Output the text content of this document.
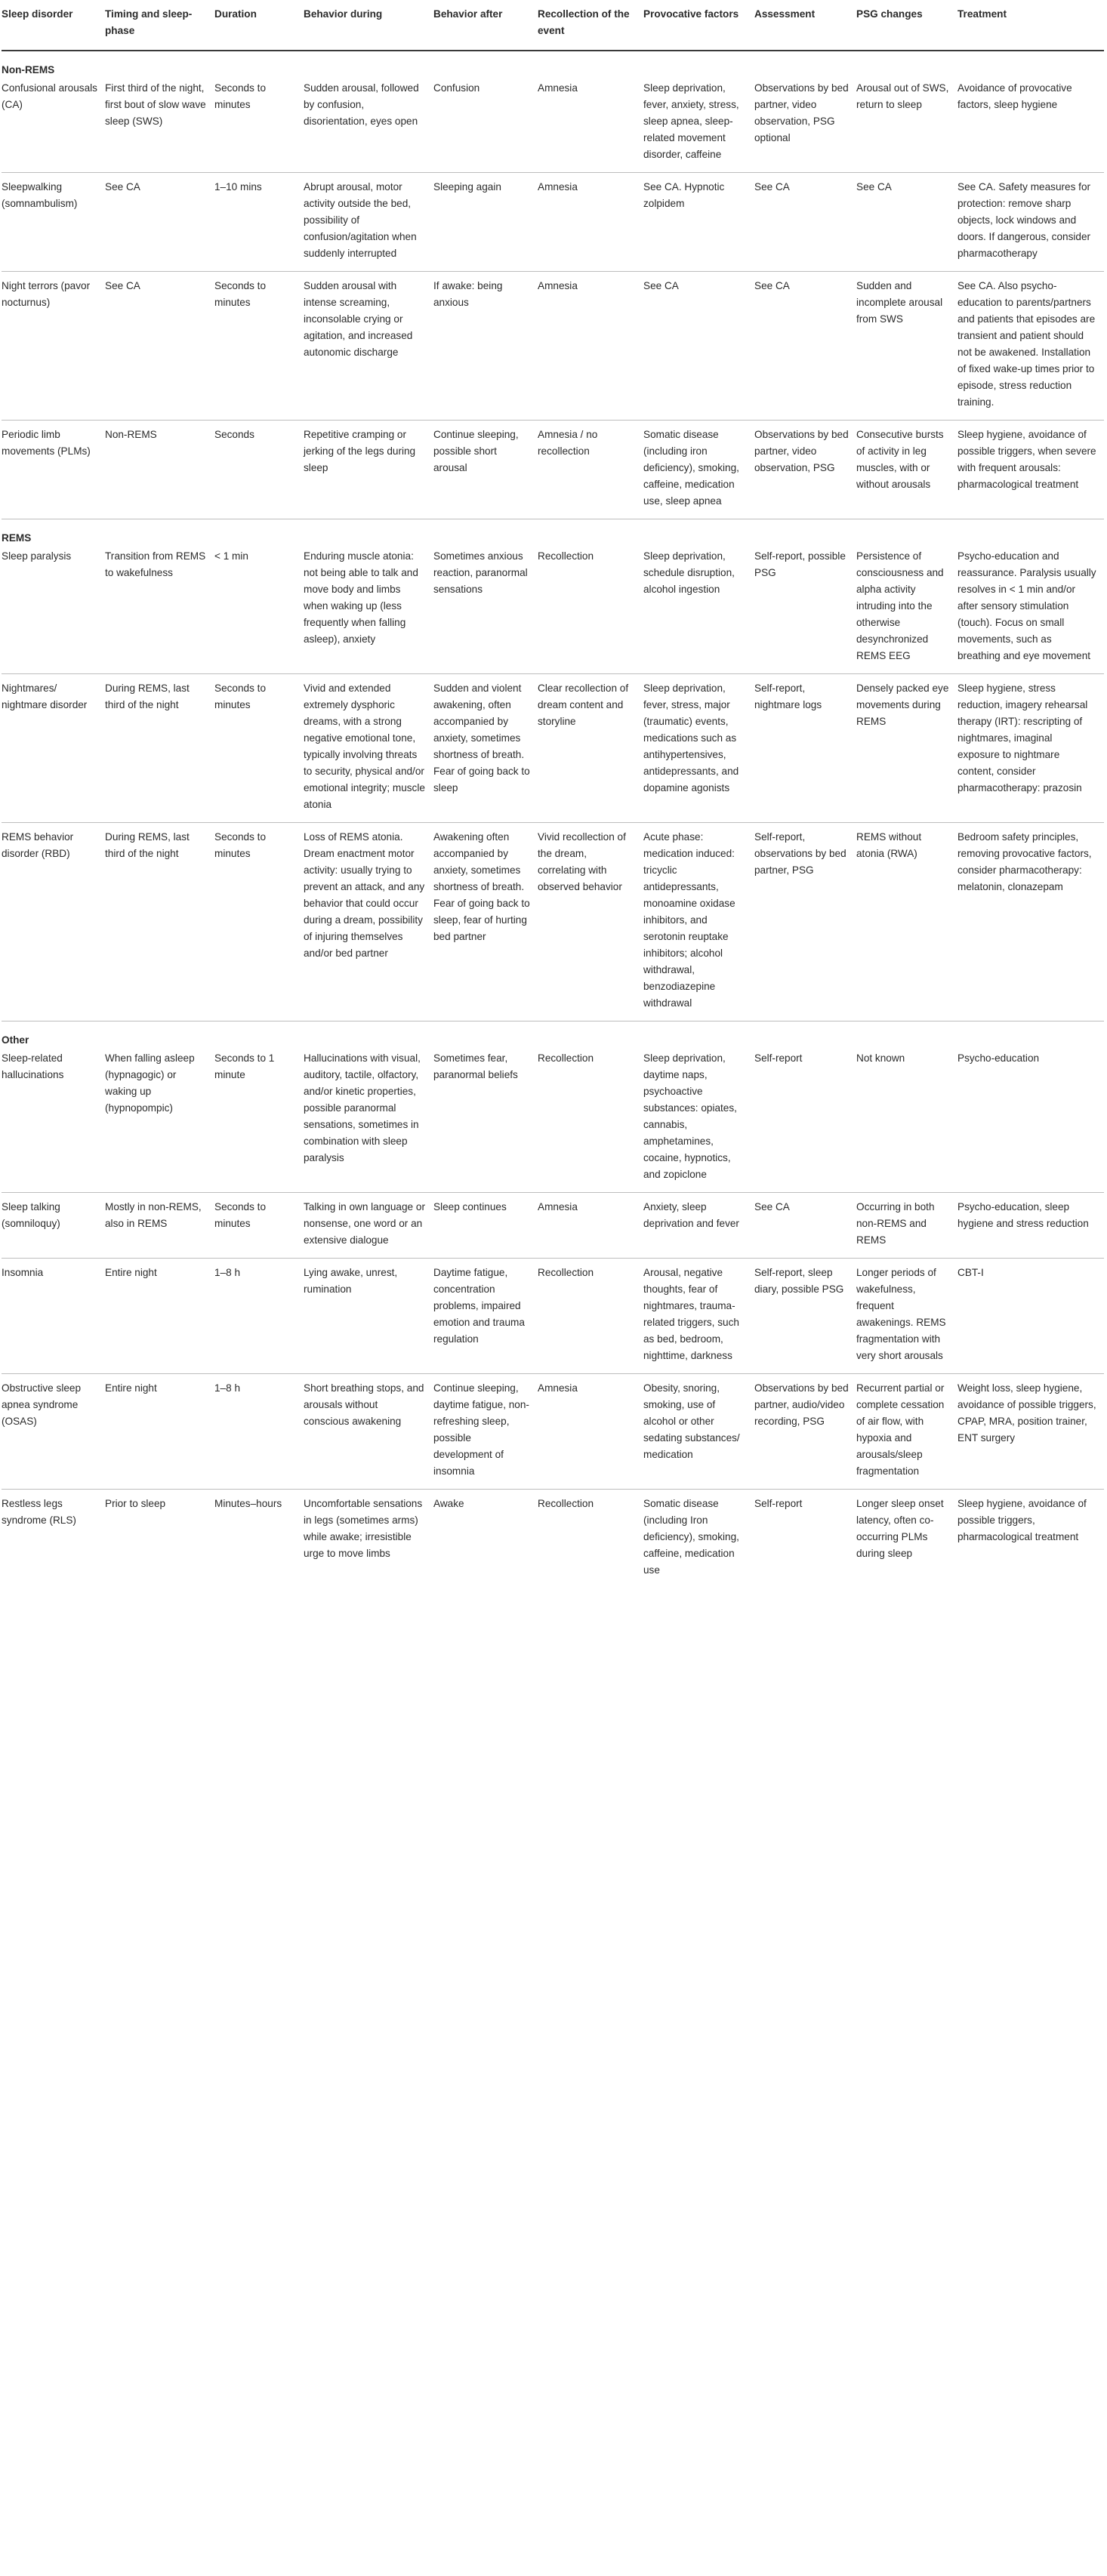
Sleep disorder	Timing and sleep-phase	Duration	Behavior during	Behavior after	Recollection of the event	Provocative factors	Assessment	PSG changes	Treatment
Non-REMS									
Confusional arousals (CA)	First third of the night, first bout of slow wave sleep (SWS)	Seconds to minutes	Sudden arousal, followed by confusion, disorientation, eyes open	Confusion	Amnesia	Sleep deprivation, fever, anxiety, stress, sleep apnea, sleep-related movement disorder, caffeine	Observations by bed partner, video observation, PSG optional	Arousal out of SWS, return to sleep	Avoidance of provocative factors, sleep hygiene
Sleepwalking (somnambulism)	See CA	1–10 mins	Abrupt arousal, motor activity outside the bed, possibility of confusion/agitation when suddenly interrupted	Sleeping again	Amnesia	See CA. Hypnotic zolpidem	See CA	See CA	See CA. Safety measures for protection: remove sharp objects, lock windows and doors. If dangerous, consider pharmacotherapy
Night terrors (pavor nocturnus)	See CA	Seconds to minutes	Sudden arousal with intense screaming, inconsolable crying or agitation, and increased autonomic discharge	If awake: being anxious	Amnesia	See CA	See CA	Sudden and incomplete arousal from SWS	See CA. Also psycho-education to parents/partners and patients that episodes are transient and patient should not be awakened. Installation of fixed wake-up times prior to episode, stress reduction training.
Periodic limb movements (PLMs)	Non-REMS	Seconds	Repetitive cramping or jerking of the legs during sleep	Continue sleeping, possible short arousal	Amnesia / no recollection	Somatic disease (including iron deficiency), smoking, caffeine, medication use, sleep apnea	Observations by bed partner, video observation, PSG	Consecutive bursts of activity in leg muscles, with or without arousals	Sleep hygiene, avoidance of possible triggers, when severe with frequent arousals: pharmacological treatment
REMS									
Sleep paralysis	Transition from REMS to wakefulness	< 1 min	Enduring muscle atonia: not being able to talk and move body and limbs when waking up (less frequently when falling asleep), anxiety	Sometimes anxious reaction, paranormal sensations	Recollection	Sleep deprivation, schedule disruption, alcohol ingestion	Self-report, possible PSG	Persistence of consciousness and alpha activity intruding into the otherwise desynchronized REMS EEG	Psycho-education and reassurance. Paralysis usually resolves in < 1 min and/or after sensory stimulation (touch). Focus on small movements, such as breathing and eye movement
Nightmares/ nightmare disorder	During REMS, last third of the night	Seconds to minutes	Vivid and extended extremely dysphoric dreams, with a strong negative emotional tone, typically involving threats to security, physical and/or emotional integrity; muscle atonia	Sudden and violent awakening, often accompanied by anxiety, sometimes shortness of breath. Fear of going back to sleep	Clear recollection of dream content and storyline	Sleep deprivation, fever, stress, major (traumatic) events, medications such as antihypertensives, antidepressants, and dopamine agonists	Self-report, nightmare logs	Densely packed eye movements during REMS	Sleep hygiene, stress reduction, imagery rehearsal therapy (IRT): rescripting of nightmares, imaginal exposure to nightmare content, consider pharmacotherapy: prazosin
REMS behavior disorder (RBD)	During REMS, last third of the night	Seconds to minutes	Loss of REMS atonia. Dream enactment motor activity: usually trying to prevent an attack, and any behavior that could occur during a dream, possibility of injuring themselves and/or bed partner	Awakening often accompanied by anxiety, sometimes shortness of breath. Fear of going back to sleep, fear of hurting bed partner	Vivid recollection of the dream, correlating with observed behavior	Acute phase: medication induced: tricyclic antidepressants, monoamine oxidase inhibitors, and serotonin reuptake inhibitors; alcohol withdrawal, benzodiazepine withdrawal	Self-report, observations by bed partner, PSG	REMS without atonia (RWA)	Bedroom safety principles, removing provocative factors, consider pharmacotherapy: melatonin, clonazepam
Other									
Sleep-related hallucinations	When falling asleep (hypnagogic) or waking up (hypnopompic)	Seconds to 1 minute	Hallucinations with visual, auditory, tactile, olfactory, and/or kinetic properties, possible paranormal sensations, sometimes in combination with sleep paralysis	Sometimes fear, paranormal beliefs	Recollection	Sleep deprivation, daytime naps, psychoactive substances: opiates, cannabis, amphetamines, cocaine, hypnotics, and zopiclone	Self-report	Not known	Psycho-education
Sleep talking (somniloquy)	Mostly in non-REMS, also in REMS	Seconds to minutes	Talking in own language or nonsense, one word or an extensive dialogue	Sleep continues	Amnesia	Anxiety, sleep deprivation and fever	See CA	Occurring in both non-REMS and REMS	Psycho-education, sleep hygiene and stress reduction
Insomnia	Entire night	1–8 h	Lying awake, unrest, rumination	Daytime fatigue, concentration problems, impaired emotion and trauma regulation	Recollection	Arousal, negative thoughts, fear of nightmares, trauma-related triggers, such as bed, bedroom, nighttime, darkness	Self-report, sleep diary, possible PSG	Longer periods of wakefulness, frequent awakenings. REMS fragmentation with very short arousals	CBT-I
Obstructive sleep apnea syndrome (OSAS)	Entire night	1–8 h	Short breathing stops, and arousals without conscious awakening	Continue sleeping, daytime fatigue, non-refreshing sleep, possible development of insomnia	Amnesia	Obesity, snoring, smoking, use of alcohol or other sedating substances/ medication	Observations by bed partner, audio/video recording, PSG	Recurrent partial or complete cessation of air flow, with hypoxia and arousals/sleep fragmentation	Weight loss, sleep hygiene, avoidance of possible triggers, CPAP, MRA, position trainer, ENT surgery
Restless legs syndrome (RLS)	Prior to sleep	Minutes–hours	Uncomfortable sensations in legs (sometimes arms) while awake; irresistible urge to move limbs	Awake	Recollection	Somatic disease (including Iron deficiency), smoking, caffeine, medication use	Self-report	Longer sleep onset latency, often co-occurring PLMs during sleep	Sleep hygiene, avoidance of possible triggers, pharmacological treatment
